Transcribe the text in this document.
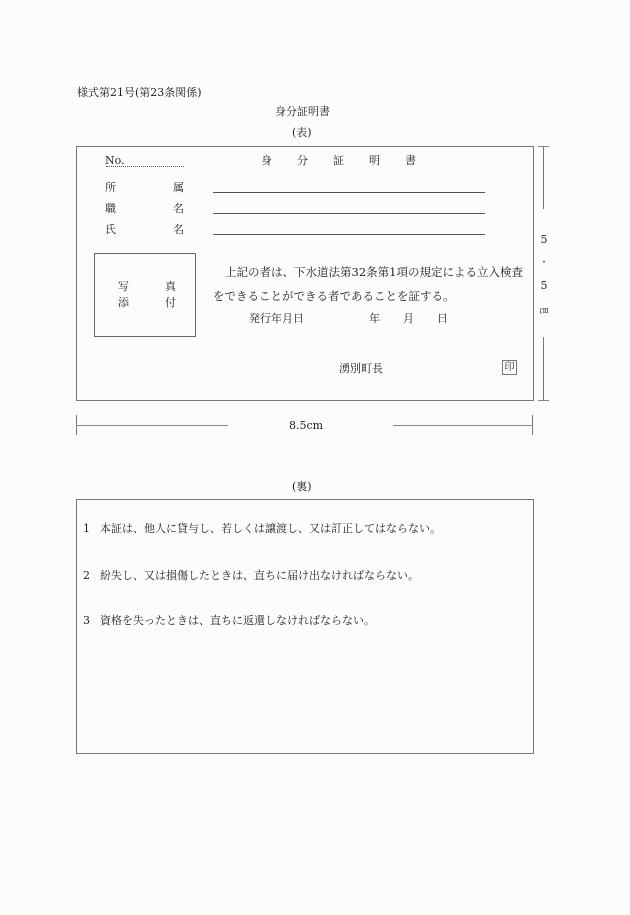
様式第21号(第23条関係)
身分証明書
(表)
No.	身 分 証 明 書
所	属
職	名
氏	名
写	真
添	付
上記の者は、下水道法第32条第1項の規定による立入検査
をできることができる者であることを証する。
発行年月日	年 月 日
湧別町長	印
5
・
5
㎝
8.5cm
(裏)
1 本証は、他人に貸与し、若しくは譲渡し、又は訂正してはならない。
2 紛失し、又は損傷したときは、直ちに届け出なければならない。
3 資格を失ったときは、直ちに返還しなければならない。
